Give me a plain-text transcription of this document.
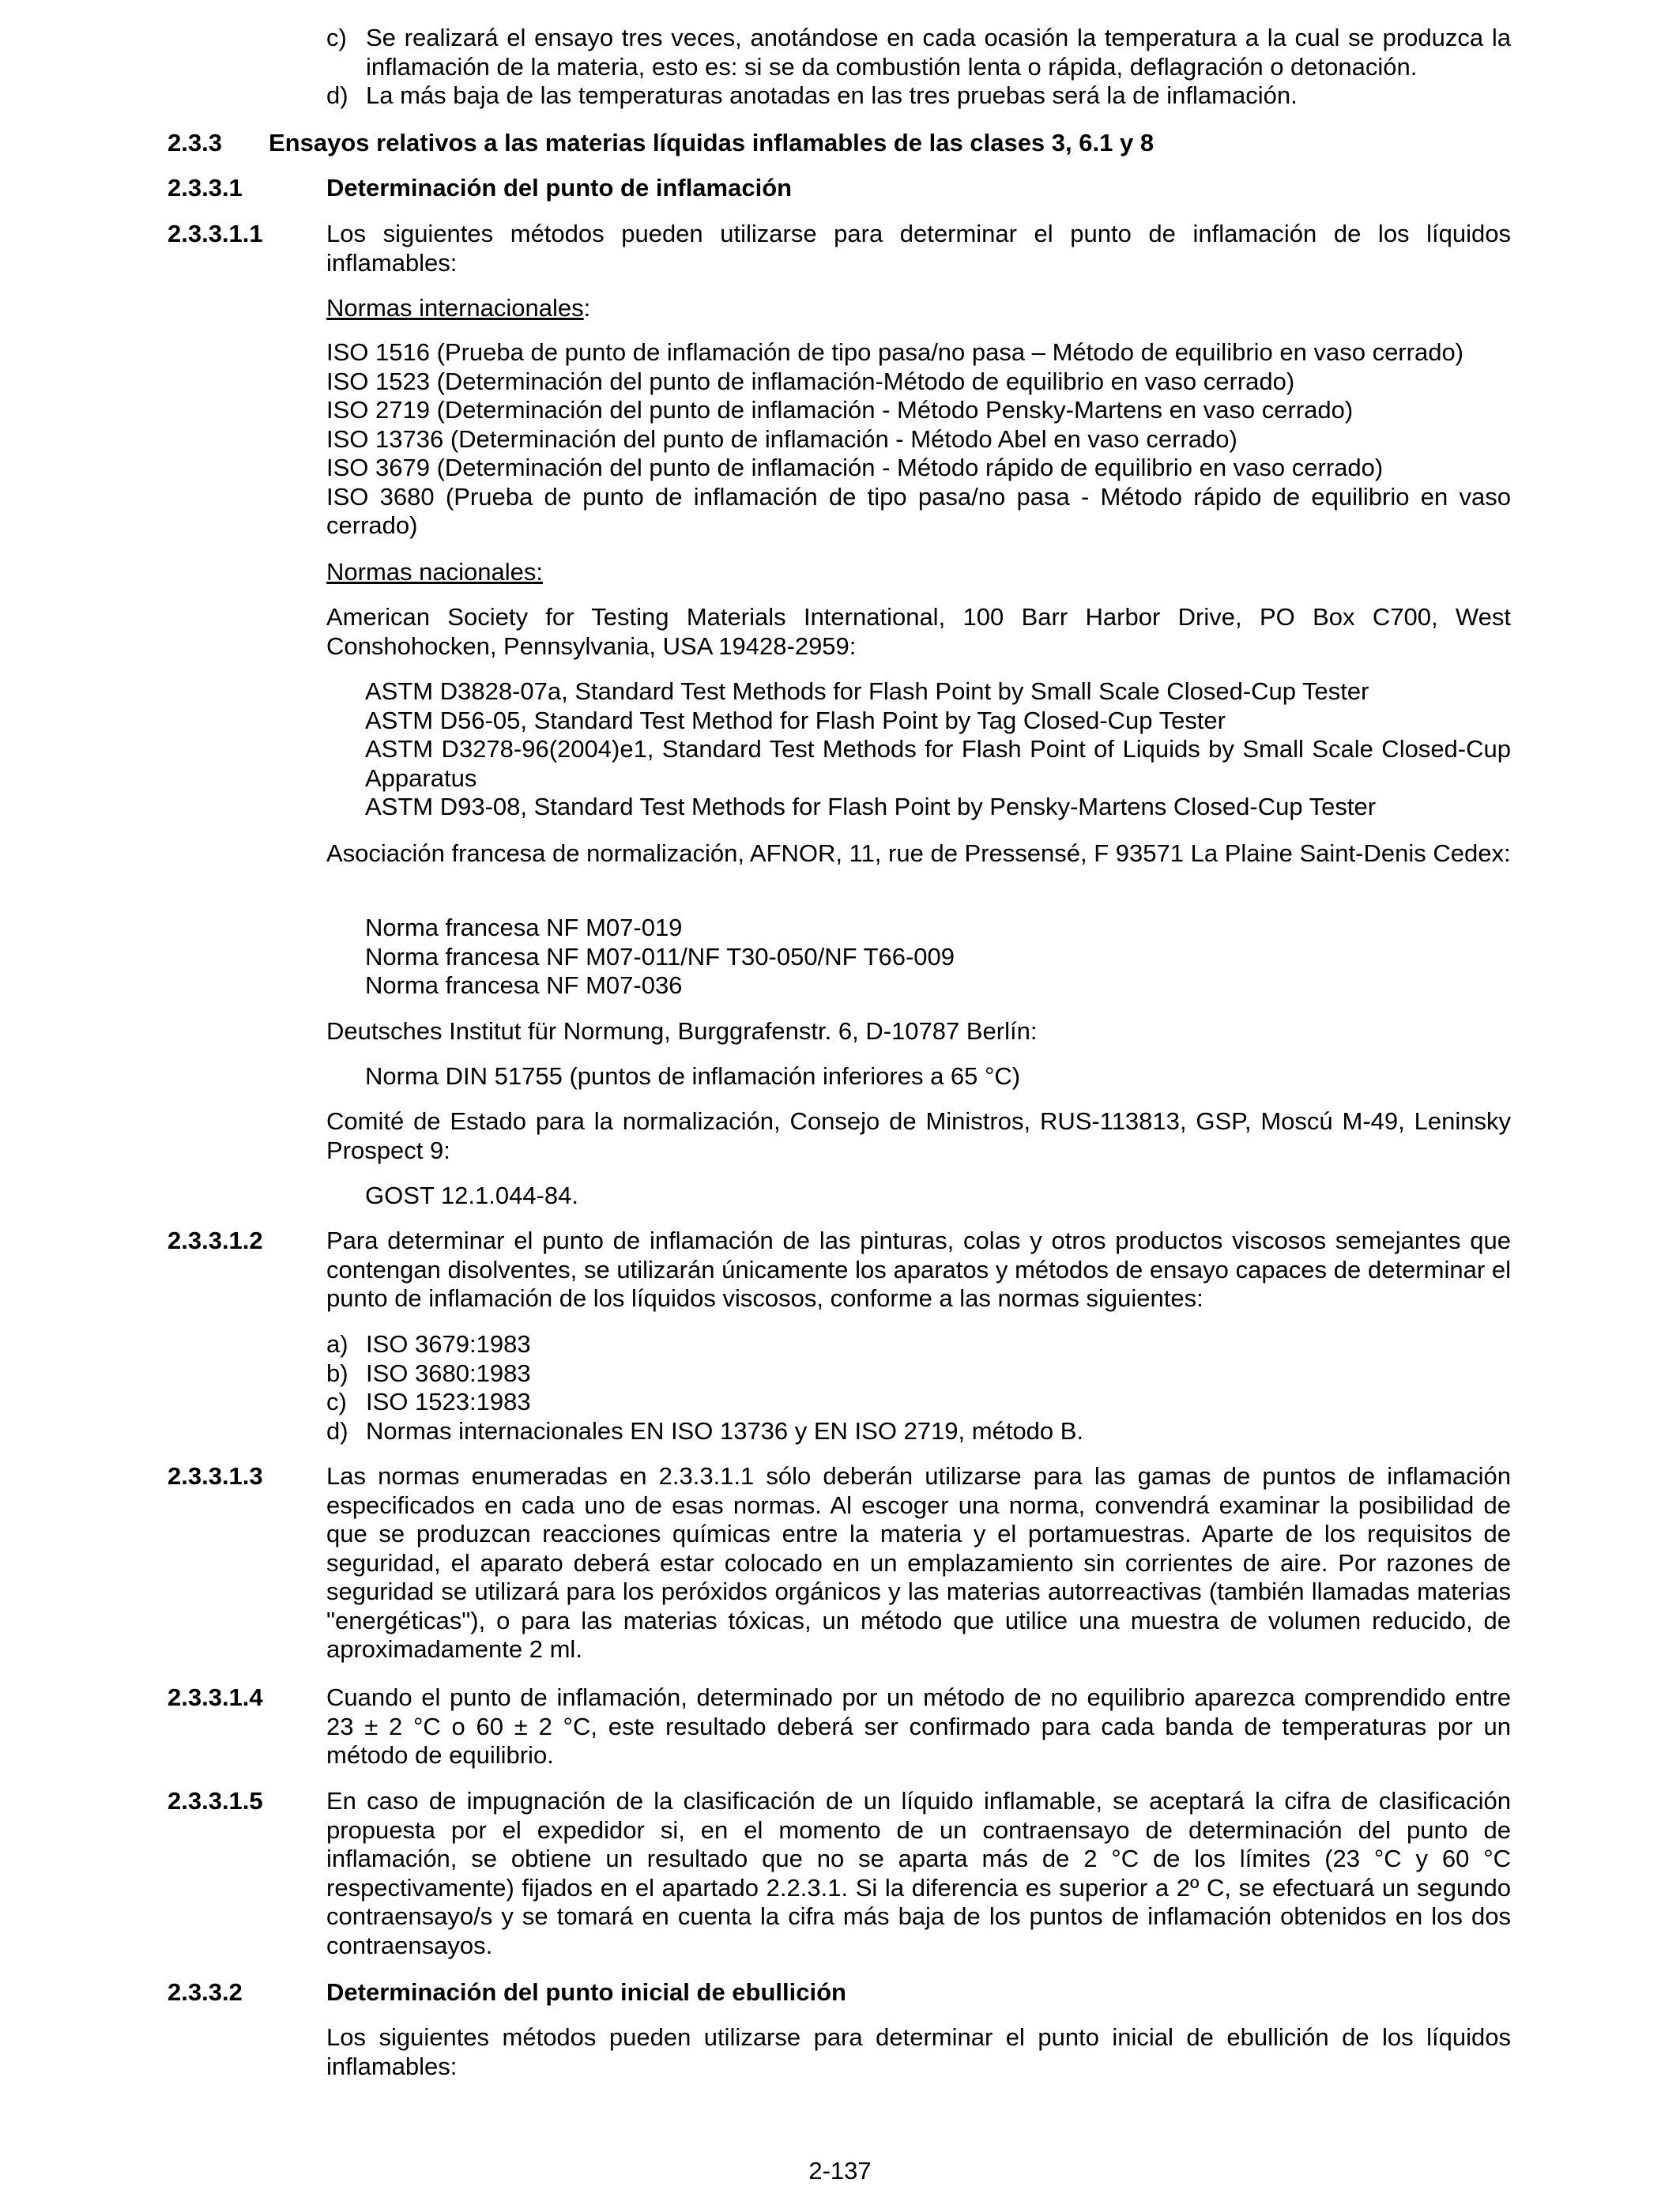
c) Se realizará el ensayo tres veces, anotándose en cada ocasión la temperatura a la cual se produzca la inflamación de la materia, esto es: si se da combustión lenta o rápida, deflagración o detonación.
d) La más baja de las temperaturas anotadas en las tres pruebas será la de inflamación.
2.3.3 Ensayos relativos a las materias líquidas inflamables de las clases 3, 6.1 y 8
2.3.3.1	Determinación del punto de inflamación
2.3.3.1.1	Los siguientes métodos pueden utilizarse para determinar el punto de inflamación de los líquidos inflamables:
Normas internacionales:
ISO 1516 (Prueba de punto de inflamación de tipo pasa/no pasa – Método de equilibrio en vaso cerrado)
ISO 1523 (Determinación del punto de inflamación-Método de equilibrio en vaso cerrado)
ISO 2719 (Determinación del punto de inflamación - Método Pensky-Martens en vaso cerrado)
ISO 13736 (Determinación del punto de inflamación - Método Abel en vaso cerrado)
ISO 3679 (Determinación del punto de inflamación - Método rápido de equilibrio en vaso cerrado)
ISO 3680 (Prueba de punto de inflamación de tipo pasa/no pasa - Método rápido de equilibrio en vaso cerrado)
Normas nacionales:
American Society for Testing Materials International, 100 Barr Harbor Drive, PO Box C700, West Conshohocken, Pennsylvania, USA 19428-2959:
ASTM D3828-07a, Standard Test Methods for Flash Point by Small Scale Closed-Cup Tester
ASTM D56-05, Standard Test Method for Flash Point by Tag Closed-Cup Tester
ASTM D3278-96(2004)e1, Standard Test Methods for Flash Point of Liquids by Small Scale Closed-Cup Apparatus
ASTM D93-08, Standard Test Methods for Flash Point by Pensky-Martens Closed-Cup Tester
Asociación francesa de normalización, AFNOR, 11, rue de Pressensé, F 93571 La Plaine Saint-Denis Cedex:
Norma francesa NF M07-019
Norma francesa NF M07-011/NF T30-050/NF T66-009
Norma francesa NF M07-036
Deutsches Institut für Normung, Burggrafenstr. 6, D-10787 Berlín:
Norma DIN 51755 (puntos de inflamación inferiores a 65 °C)
Comité de Estado para la normalización, Consejo de Ministros, RUS-113813, GSP, Moscú M-49, Leninsky Prospect 9:
GOST 12.1.044-84.
2.3.3.1.2	Para determinar el punto de inflamación de las pinturas, colas y otros productos viscosos semejantes que contengan disolventes, se utilizarán únicamente los aparatos y métodos de ensayo capaces de determinar el punto de inflamación de los líquidos viscosos, conforme a las normas siguientes:
a) ISO 3679:1983
b) ISO 3680:1983
c) ISO 1523:1983
d) Normas internacionales EN ISO 13736 y EN ISO 2719, método B.
2.3.3.1.3	Las normas enumeradas en 2.3.3.1.1 sólo deberán utilizarse para las gamas de puntos de inflamación especificados en cada uno de esas normas. Al escoger una norma, convendrá examinar la posibilidad de que se produzcan reacciones químicas entre la materia y el portamuestras. Aparte de los requisitos de seguridad, el aparato deberá estar colocado en un emplazamiento sin corrientes de aire. Por razones de seguridad se utilizará para los peróxidos orgánicos y las materias autorreactivas (también llamadas materias "energéticas"), o para las materias tóxicas, un método que utilice una muestra de volumen reducido, de aproximadamente 2 ml.
2.3.3.1.4	Cuando el punto de inflamación, determinado por un método de no equilibrio aparezca comprendido entre 23 ± 2 °C o 60 ± 2 °C, este resultado deberá ser confirmado para cada banda de temperaturas por un método de equilibrio.
2.3.3.1.5	En caso de impugnación de la clasificación de un líquido inflamable, se aceptará la cifra de clasificación propuesta por el expedidor si, en el momento de un contraensayo de determinación del punto de inflamación, se obtiene un resultado que no se aparta más de 2 °C de los límites (23 °C y 60 °C respectivamente) fijados en el apartado 2.2.3.1. Si la diferencia es superior a 2º C, se efectuará un segundo contraensayo/s y se tomará en cuenta la cifra más baja de los puntos de inflamación obtenidos en los dos contraensayos.
2.3.3.2	Determinación del punto inicial de ebullición
Los siguientes métodos pueden utilizarse para determinar el punto inicial de ebullición de los líquidos inflamables:
2-137
